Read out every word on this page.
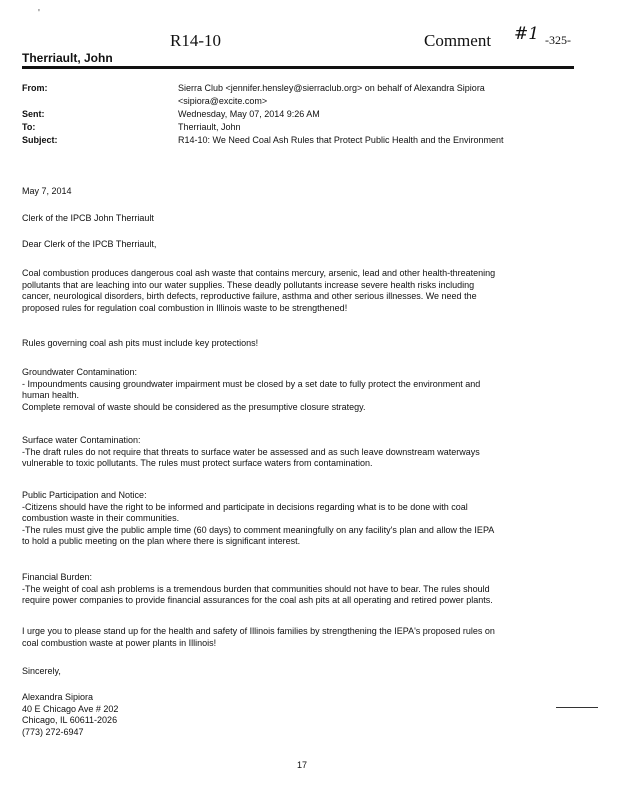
'
R14-10	Comment #1 -325-
Therriault, John
From:	Sierra Club <jennifer.hensley@sierraclub.org> on behalf of Alexandra Sipiora
<sipiora@excite.com>
Sent:	Wednesday, May 07, 2014 9:26 AM
To:	Therriault, John
Subject:	R14-10: We Need Coal Ash Rules that Protect Public Health and the Environment
May 7, 2014
Clerk of the IPCB John Therriault
Dear Clerk of the IPCB Therriault,
Coal combustion produces dangerous coal ash waste that contains mercury, arsenic, lead and other health-threatening
pollutants that are leaching into our water supplies. These deadly pollutants increase severe health risks including
cancer, neurological disorders, birth defects, reproductive failure, asthma and other serious illnesses. We need the
proposed rules for regulation coal combustion in Illinois waste to be strengthened!
Rules governing coal ash pits must include key protections!
Groundwater Contamination:
- Impoundments causing groundwater impairment must be closed by a set date to fully protect the environment and
human health.
Complete removal of waste should be considered as the presumptive closure strategy.
Surface water Contamination:
-The draft rules do not require that threats to surface water be assessed and as such leave downstream waterways
vulnerable to toxic pollutants. The rules must protect surface waters from contamination.
Public Participation and Notice:
-Citizens should have the right to be informed and participate in decisions regarding what is to be done with coal
combustion waste in their communities.
-The rules must give the public ample time (60 days) to comment meaningfully on any facility's plan and allow the IEPA
to hold a public meeting on the plan where there is significant interest.
Financial Burden:
-The weight of coal ash problems is a tremendous burden that communities should not have to bear. The rules should
require power companies to provide financial assurances for the coal ash pits at all operating and retired power plants.
I urge you to please stand up for the health and safety of Illinois families by strengthening the IEPA's proposed rules on
coal combustion waste at power plants in Illinois!
Sincerely,
Alexandra Sipiora
40 E Chicago Ave # 202
Chicago, IL 60611-2026
(773) 272-6947
17
